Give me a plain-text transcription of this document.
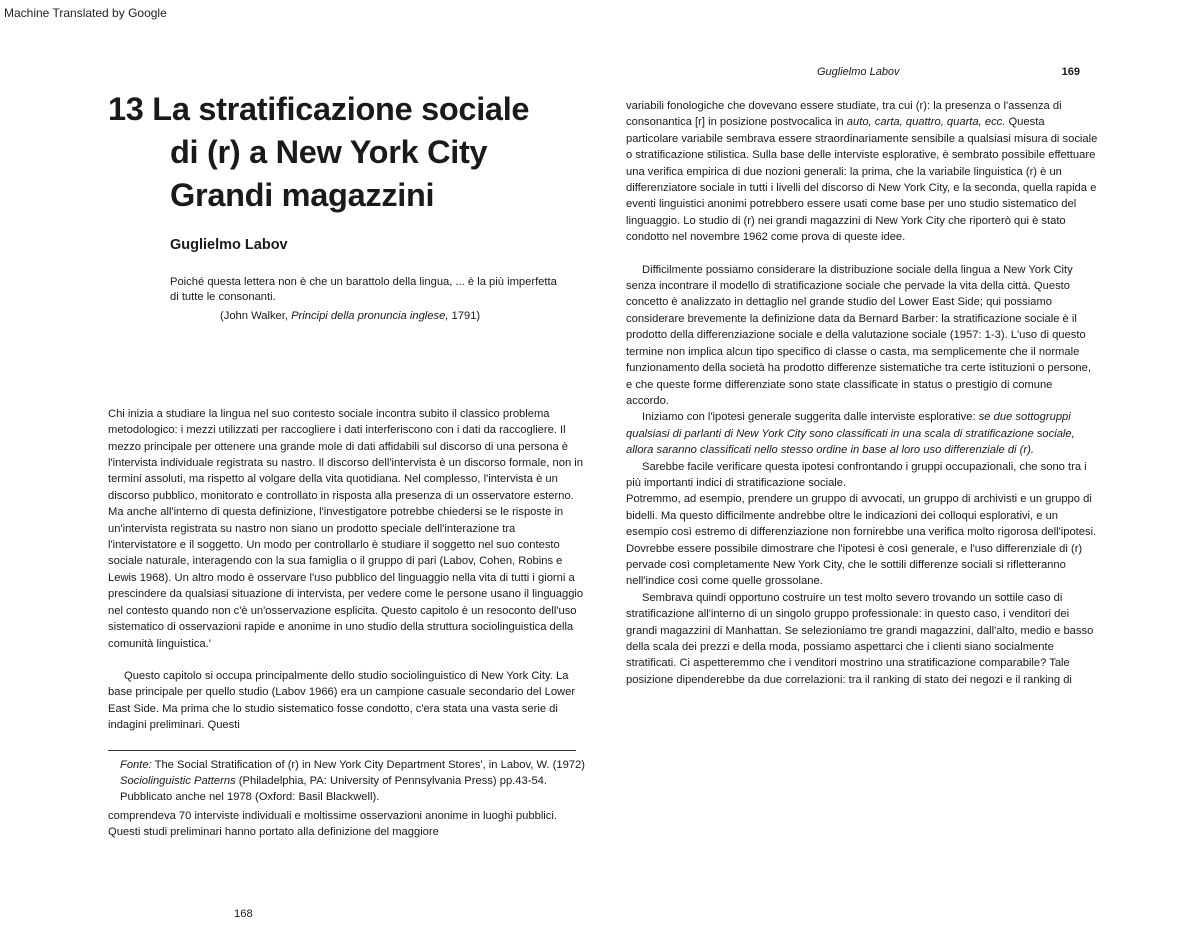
Machine Translated by Google
13 La stratificazione sociale
di (r) a New York City
Grandi magazzini
Guglielmo Labov
Poiché questa lettera non è che un barattolo della lingua, ... è la più imperfetta di tutte le consonanti.
(John Walker, Principi della pronuncia inglese, 1791)

Chi inizia a studiare la lingua nel suo contesto sociale incontra subito il classico problema metodologico: i mezzi utilizzati per raccogliere i dati interferiscono con i dati da raccogliere. Il mezzo principale per ottenere una grande mole di dati affidabili sul discorso di una persona è l'intervista individuale registrata su nastro. Il discorso dell'intervista è un discorso formale, non in termini assoluti, ma rispetto al volgare della vita quotidiana. Nel complesso, l'intervista è un discorso pubblico, monitorato e controllato in risposta alla presenza di un osservatore esterno. Ma anche all'interno di questa definizione, l'investigatore potrebbe chiedersi se le risposte in un'intervista registrata su nastro non siano un prodotto speciale dell'interazione tra l'intervistatore e il soggetto. Un modo per controllarlo è studiare il soggetto nel suo contesto sociale naturale, interagendo con la sua famiglia o il gruppo di pari (Labov, Cohen, Robins e Lewis 1968). Un altro modo è osservare l'uso pubblico del linguaggio nella vita di tutti i giorni a prescindere da qualsiasi situazione di intervista, per vedere come le persone usano il linguaggio nel contesto quando non c'è un'osservazione esplicita. Questo capitolo è un resoconto dell'uso sistematico di osservazioni rapide e anonime in uno studio della struttura sociolinguistica della comunità linguistica.'

Questo capitolo si occupa principalmente dello studio sociolinguistico di New York City. La base principale per quello studio (Labov 1966) era un campione casuale secondario del Lower East Side. Ma prima che lo studio sistematico fosse condotto, c'era stata una vasta serie di indagini preliminari. Questi

Fonte: The Social Stratification of (r) in New York City Department Stores', in Labov, W. (1972) Sociolinguistic Patterns (Philadelphia, PA: University of Pennsylvania Press) pp.43-54. Pubblicato anche nel 1978 (Oxford: Basil Blackwell).

comprendeva 70 interviste individuali e moltissime osservazioni anonime in luoghi pubblici. Questi studi preliminari hanno portato alla definizione del maggiore

168
Guglielmo Labov	169

variabili fonologiche che dovevano essere studiate, tra cui (r): la presenza o l'assenza di consonantica [r] in posizione postvocalica in auto, carta, quattro, quarta, ecc. Questa particolare variabile sembrava essere straordinariamente sensibile a qualsiasi misura di sociale o stratificazione stilistica. Sulla base delle interviste esplorative, è sembrato possibile effettuare una verifica empirica di due nozioni generali: la prima, che la variabile linguistica (r) è un differenziatore sociale in tutti i livelli del discorso di New York City, e la seconda, quella rapida e eventi linguistici anonimi potrebbero essere usati come base per uno studio sistematico del linguaggio. Lo studio di (r) nei grandi magazzini di New York City che riporterò qui è stato condotto nel novembre 1962 come prova di queste idee.

Difficilmente possiamo considerare la distribuzione sociale della lingua a New York City senza incontrare il modello di stratificazione sociale che pervade la vita della città. Questo concetto è analizzato in dettaglio nel grande studio del Lower East Side; qui possiamo considerare brevemente la definizione data da Bernard Barber: la stratificazione sociale è il prodotto della differenziazione sociale e della valutazione sociale (1957: 1-3). L'uso di questo termine non implica alcun tipo specifico di classe o casta, ma semplicemente che il normale funzionamento della società ha prodotto differenze sistematiche tra certe istituzioni o persone, e che queste forme differenziate sono state classificate in status o prestigio di comune accordo.

Iniziamo con l'ipotesi generale suggerita dalle interviste esplorative: se due sottogruppi qualsiasi di parlanti di New York City sono classificati in una scala di stratificazione sociale, allora saranno classificati nello stesso ordine in base al loro uso differenziale di (r).

Sarebbe facile verificare questa ipotesi confrontando i gruppi occupazionali, che sono tra i più importanti indici di stratificazione sociale.

Potremmo, ad esempio, prendere un gruppo di avvocati, un gruppo di archivisti e un gruppo di bidelli. Ma questo difficilmente andrebbe oltre le indicazioni dei colloqui esplorativi, e un esempio così estremo di differenziazione non fornirebbe una verifica molto rigorosa dell'ipotesi. Dovrebbe essere possibile dimostrare che l'ipotesi è così generale, e l'uso differenziale di (r) pervade così completamente New York City, che le sottili differenze sociali si rifletteranno nell'indice così come quelle grossolane.

Sembrava quindi opportuno costruire un test molto severo trovando un sottile caso di stratificazione all'interno di un singolo gruppo professionale: in questo caso, i venditori dei grandi magazzini di Manhattan. Se selezioniamo tre grandi magazzini, dall'alto, medio e basso della scala dei prezzi e della moda, possiamo aspettarci che i clienti siano socialmente stratificati. Ci aspetteremmo che i venditori mostrino una stratificazione comparabile? Tale posizione dipenderebbe da due correlazioni: tra il ranking di stato dei negozi e il ranking di
